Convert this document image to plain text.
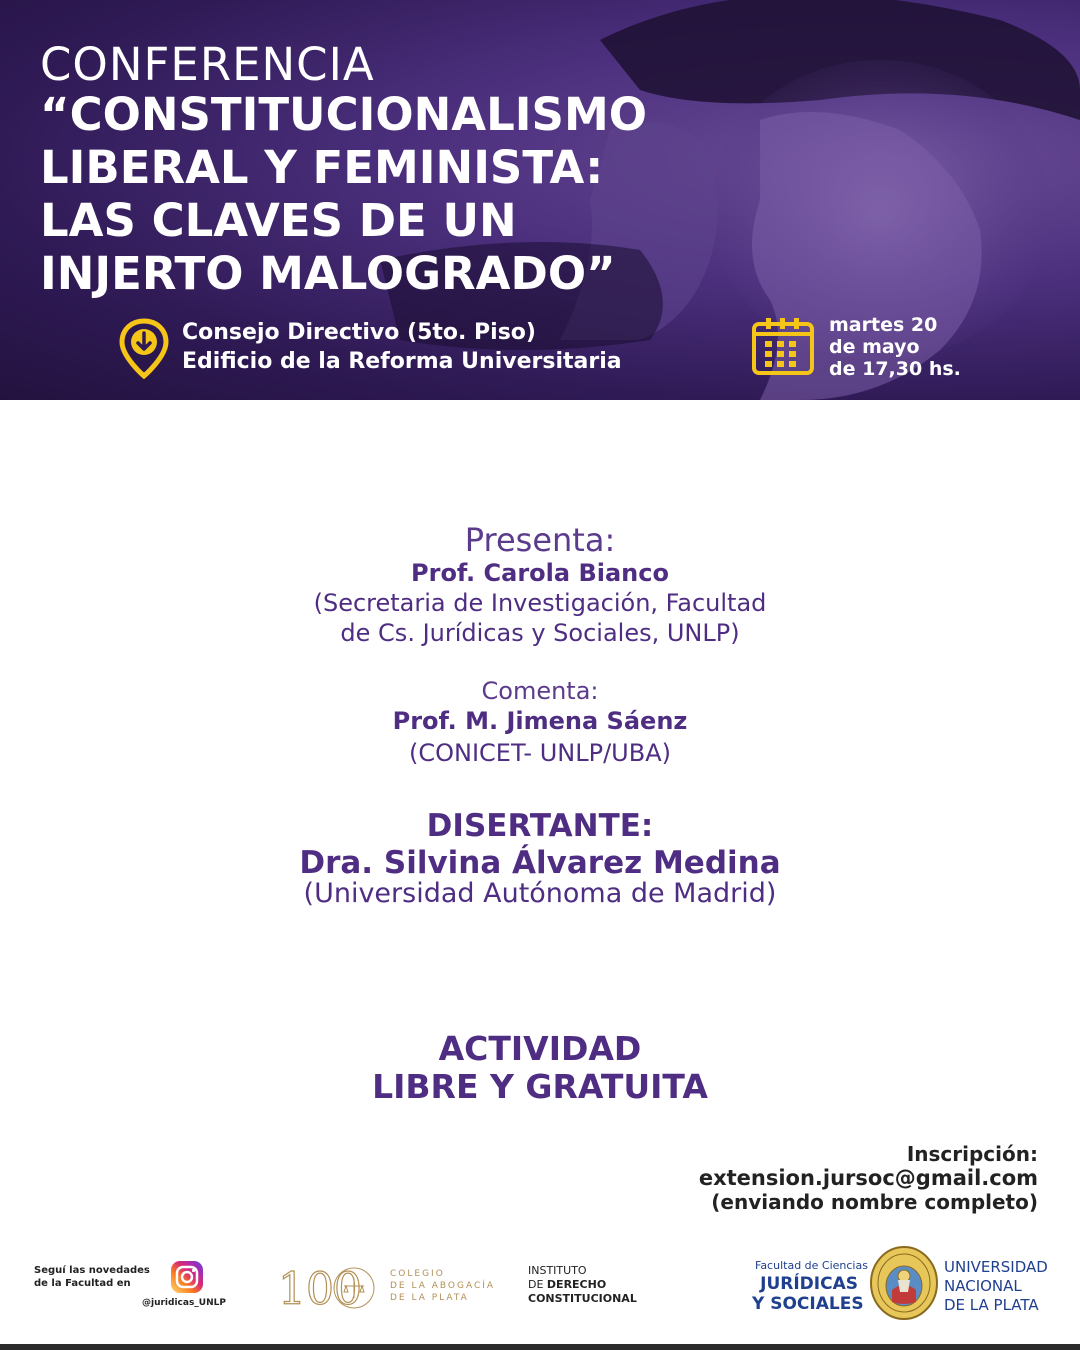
CONFERENCIA
“CONSTITUCIONALISMO
LIBERAL Y FEMINISTA:
LAS CLAVES DE UN
INJERTO MALOGRADO”
Consejo Directivo (5to. Piso)
Edificio de la Reforma Universitaria
martes 20
de mayo
de 17,30 hs.
Presenta:
Prof. Carola Bianco
(Secretaria de Investigación, Facultad
de Cs. Jurídicas y Sociales, UNLP)
Comenta:
Prof. M. Jimena Sáenz
(CONICET- UNLP/UBA)
DISERTANTE:
Dra. Silvina Álvarez Medina
(Universidad Autónoma de Madrid)
ACTIVIDAD
LIBRE Y GRATUITA
Inscripción:
extension.jursoc@gmail.com
(enviando nombre completo)
Seguí las novedades
de la Facultad en
@juridicas_UNLP 100	COLEGIO
DE LA ABOGACÍA
DE LA PLATA
INSTITUTO
DE DERECHO
CONSTITUCIONAL
Facultad de Ciencias
JURÍDICAS
Y SOCIALES
UNIVERSIDAD
NACIONAL
DE LA PLATA
